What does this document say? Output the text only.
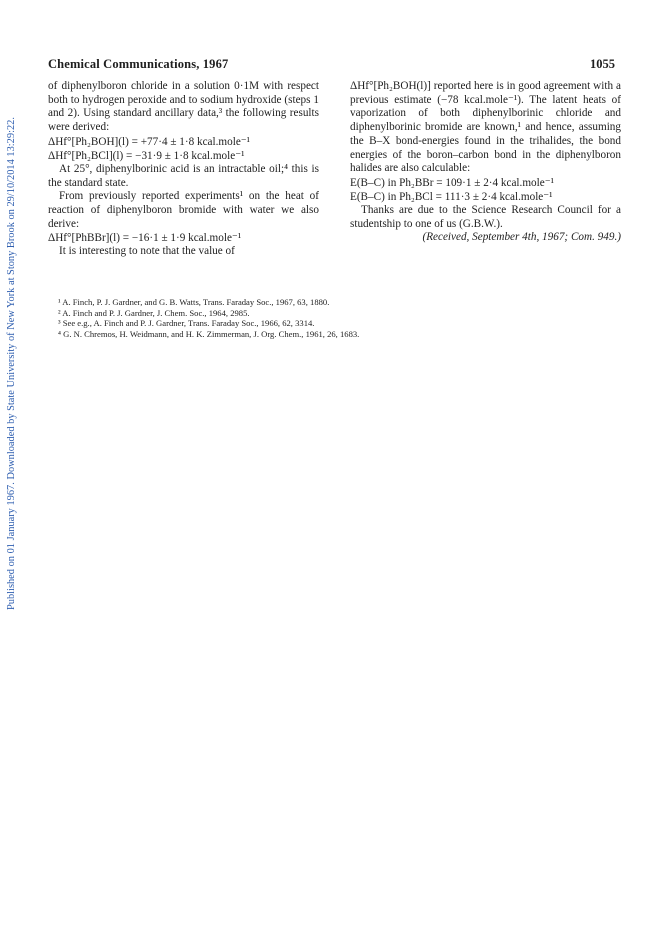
Published on 01 January 1967. Downloaded by State University of New York at Stony Brook on 29/10/2014 13:29:22.
Chemical Communications, 1967	1055

of diphenylboron chloride in a solution 0·1M with respect both to hydrogen peroxide and to sodium hydroxide (steps 1 and 2). Using standard ancillary data,³ the following results were derived:

ΔHf°[Ph₂BOH](l) = +77·4 ± 1·8 kcal.mole⁻¹

ΔHf°[Ph₂BCl](l) = −31·9 ± 1·8 kcal.mole⁻¹

At 25°, diphenylborinic acid is an intractable oil;⁴ this is the standard state.

From previously reported experiments¹ on the heat of reaction of diphenylboron bromide with water we also derive:

ΔHf°[PhBBr](l) = −16·1 ± 1·9 kcal.mole⁻¹

It is interesting to note that the value of

ΔHf°[Ph₂BOH(l)] reported here is in good agreement with a previous estimate (−78 kcal.mole⁻¹). The latent heats of vaporization of both diphenylborinic chloride and diphenylborinic bromide are known,¹ and hence, assuming the B–X bond-energies found in the trihalides, the bond energies of the boron–carbon bond in the diphenylboron halides are also calculable:

E(B–C) in Ph₂BBr = 109·1 ± 2·4 kcal.mole⁻¹

E(B–C) in Ph₂BCl = 111·3 ± 2·4 kcal.mole⁻¹

Thanks are due to the Science Research Council for a studentship to one of us (G.B.W.).

(Received, September 4th, 1967; Com. 949.)

¹ A. Finch, P. J. Gardner, and G. B. Watts, Trans. Faraday Soc., 1967, 63, 1880.
² A. Finch and P. J. Gardner, J. Chem. Soc., 1964, 2985.
³ See e.g., A. Finch and P. J. Gardner, Trans. Faraday Soc., 1966, 62, 3314.
⁴ G. N. Chremos, H. Weidmann, and H. K. Zimmerman, J. Org. Chem., 1961, 26, 1683.
